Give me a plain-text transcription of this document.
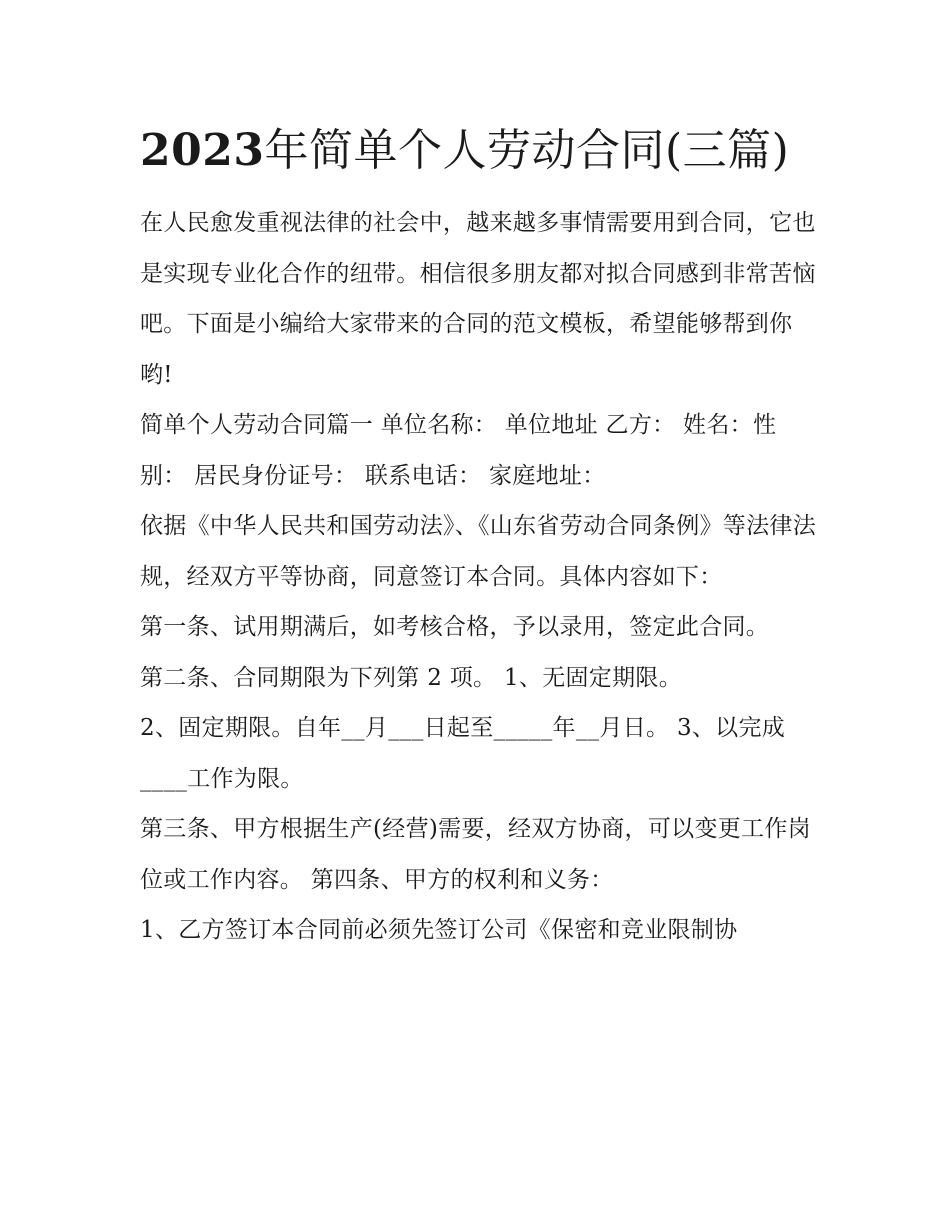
2023年简单个人劳动合同(三篇)

在人民愈发重视法律的社会中，越来越多事情需要用到合同，它也是实现专业化合作的纽带。相信很多朋友都对拟合同感到非常苦恼吧。下面是小编给大家带来的合同的范文模板，希望能够帮到你哟!

简单个人劳动合同篇一 单位名称： 单位地址 乙方： 姓名：性别： 居民身份证号： 联系电话： 家庭地址：

依据《中华人民共和国劳动法》、《山东省劳动合同条例》等法律法规，经双方平等协商，同意签订本合同。具体内容如下：

第一条、试用期满后，如考核合格，予以录用，签定此合同。

第二条、合同期限为下列第 2 项。 1、无固定期限。

2、固定期限。自年__月___日起至_____年__月日。 3、以完成____工作为限。

第三条、甲方根据生产(经营)需要，经双方协商，可以变更工作岗位或工作内容。 第四条、甲方的权利和义务：

1、乙方签订本合同前必须先签订公司《保密和竞业限制协
